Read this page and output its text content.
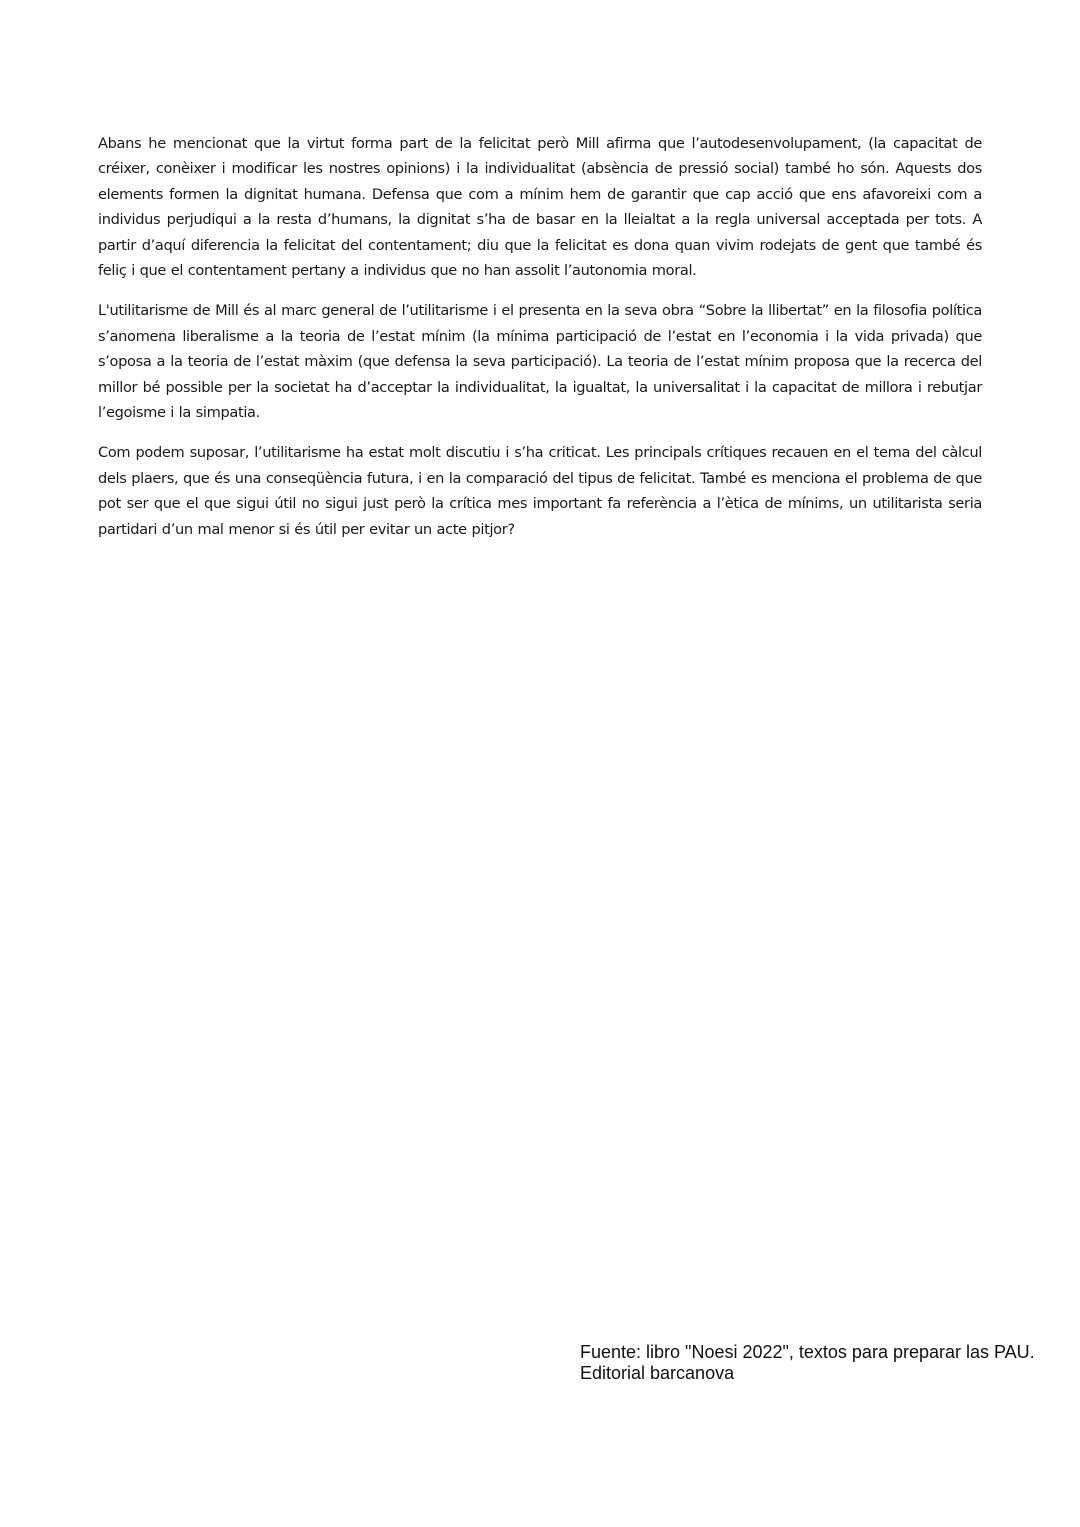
Abans he mencionat que la virtut forma part de la felicitat però Mill afirma que l’autodesenvolupament, (la capacitat de créixer, conèixer i modificar les nostres opinions) i la individualitat (absència de pressió social) també ho són. Aquests dos elements formen la dignitat humana. Defensa que com a mínim hem de garantir que cap acció que ens afavoreixi com a individus perjudiqui a la resta d’humans, la dignitat s’ha de basar en la lleialtat a la regla universal acceptada per tots. A partir d’aquí diferencia la felicitat del contentament; diu que la felicitat es dona quan vivim rodejats de gent que també és feliç i que el contentament pertany a individus que no han assolit l’autonomia moral.

L'utilitarisme de Mill és al marc general de l’utilitarisme i el presenta en la seva obra “Sobre la llibertat” en la filosofia política s’anomena liberalisme a la teoria de l’estat mínim (la mínima participació de l’estat en l’economia i la vida privada) que s’oposa a la teoria de l’estat màxim (que defensa la seva participació). La teoria de l’estat mínim proposa que la recerca del millor bé possible per la societat ha d’acceptar la individualitat, la igualtat, la universalitat i la capacitat de millora i rebutjar l’egoisme i la simpatia.

Com podem suposar, l’utilitarisme ha estat molt discutiu i s’ha criticat. Les principals crítiques recauen en el tema del càlcul dels plaers, que és una conseqüència futura, i en la comparació del tipus de felicitat. També es menciona el problema de que pot ser que el que sigui útil no sigui just però la crítica mes important fa referència a l’ètica de mínims, un utilitarista seria partidari d’un mal menor si és útil per evitar un acte pitjor?

Fuente: libro "Noesi 2022", textos para preparar las PAU.
Editorial barcanova
